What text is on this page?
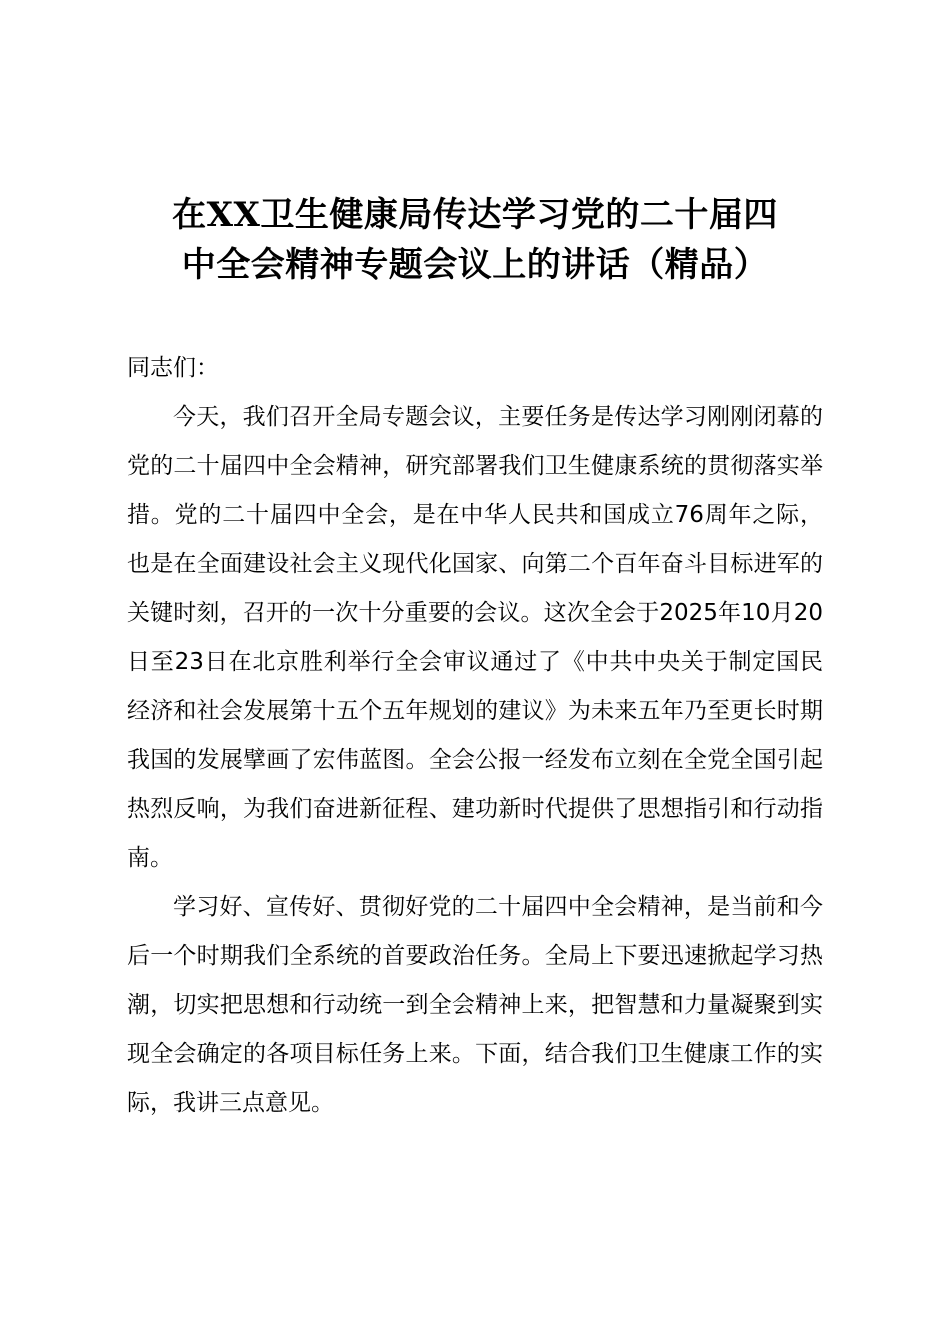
在XX卫生健康局传达学习党的二十届四
中全会精神专题会议上的讲话（精品）

同志们：

今天，我们召开全局专题会议，主要任务是传达学习刚刚闭幕的党的二十届四中全会精神，研究部署我们卫生健康系统的贯彻落实举措。党的二十届四中全会，是在中华人民共和国成立76周年之际，也是在全面建设社会主义现代化国家、向第二个百年奋斗目标进军的关键时刻，召开的一次十分重要的会议。这次全会于2025年10月20日至23日在北京胜利举行全会审议通过了《中共中央关于制定国民经济和社会发展第十五个五年规划的建议》为未来五年乃至更长时期我国的发展擘画了宏伟蓝图。全会公报一经发布立刻在全党全国引起热烈反响，为我们奋进新征程、建功新时代提供了思想指引和行动指南。

学习好、宣传好、贯彻好党的二十届四中全会精神，是当前和今后一个时期我们全系统的首要政治任务。全局上下要迅速掀起学习热潮，切实把思想和行动统一到全会精神上来，把智慧和力量凝聚到实现全会确定的各项目标任务上来。下面，结合我们卫生健康工作的实际，我讲三点意见。
